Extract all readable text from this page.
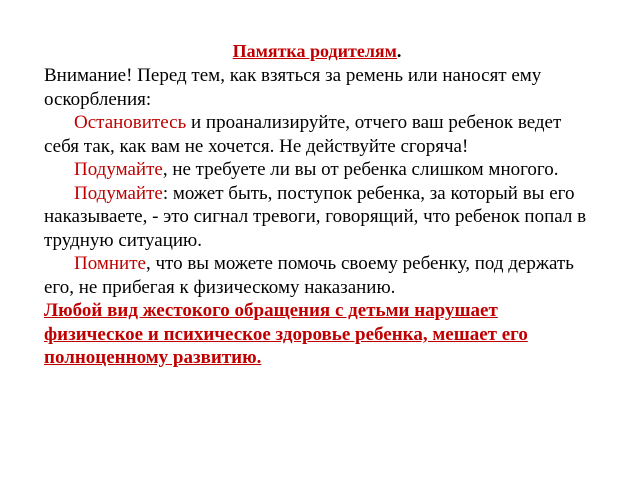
Памятка родителям.

Внимание! Перед тем, как взяться за ремень или наносят ему оскорбления:

Остановитесь и проанализируйте, отчего ваш ребенок ведет себя так, как вам не хочется. Не действуйте сгоряча!

Подумайте, не требуете ли вы от ребенка слишком многого.

Подумайте: может быть, поступок ребенка, за который вы его наказываете, - это сигнал тревоги, говорящий, что ребенок попал в трудную ситуацию.

Помните, что вы можете помочь своему ребенку, под держать его, не прибегая к физическому наказанию.

Любой вид жестокого обращения с детьми нарушает физическое и психическое здоровье ребенка, мешает его полноценному развитию.
